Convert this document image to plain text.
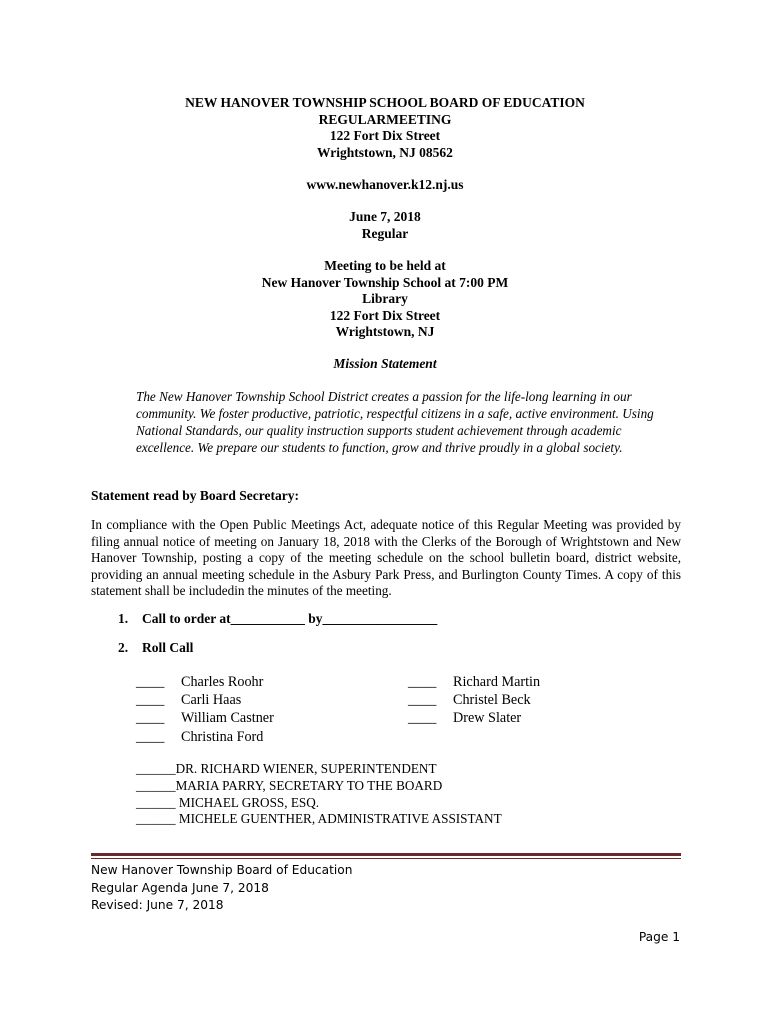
NEW HANOVER TOWNSHIP SCHOOL BOARD OF EDUCATION
REGULARMEETING
122 Fort Dix Street
Wrightstown, NJ 08562
www.newhanover.k12.nj.us
June 7, 2018
Regular
Meeting to be held at
New Hanover Township School at 7:00 PM
Library
122 Fort Dix Street
Wrightstown, NJ
Mission Statement
The New Hanover Township School District creates a passion for the life-long learning in our community. We foster productive, patriotic, respectful citizens in a safe, active environment. Using National Standards, our quality instruction supports student achievement through academic excellence. We prepare our students to function, grow and thrive proudly in a global society.
Statement read by Board Secretary:
In compliance with the Open Public Meetings Act, adequate notice of this Regular Meeting was provided by filing annual notice of meeting on January 18, 2018 with the Clerks of the Borough of Wrightstown and New Hanover Township, posting a copy of the meeting schedule on the school bulletin board, district website, providing an annual meeting schedule in the Asbury Park Press, and Burlington County Times. A copy of this statement shall be includedin the minutes of the meeting.
1. Call to order at___________ by_________________
2. Roll Call
____ Charles Roohr
____ Carli Haas
____ William Castner
____ Christina Ford
____ Richard Martin
____ Christel Beck
____ Drew Slater
______DR. RICHARD WIENER, SUPERINTENDENT
______MARIA PARRY, SECRETARY TO THE BOARD
______ MICHAEL GROSS, ESQ.
______ MICHELE GUENTHER, ADMINISTRATIVE ASSISTANT
New Hanover Township Board of Education
Regular Agenda June 7, 2018
Revised: June 7, 2018
Page 1
